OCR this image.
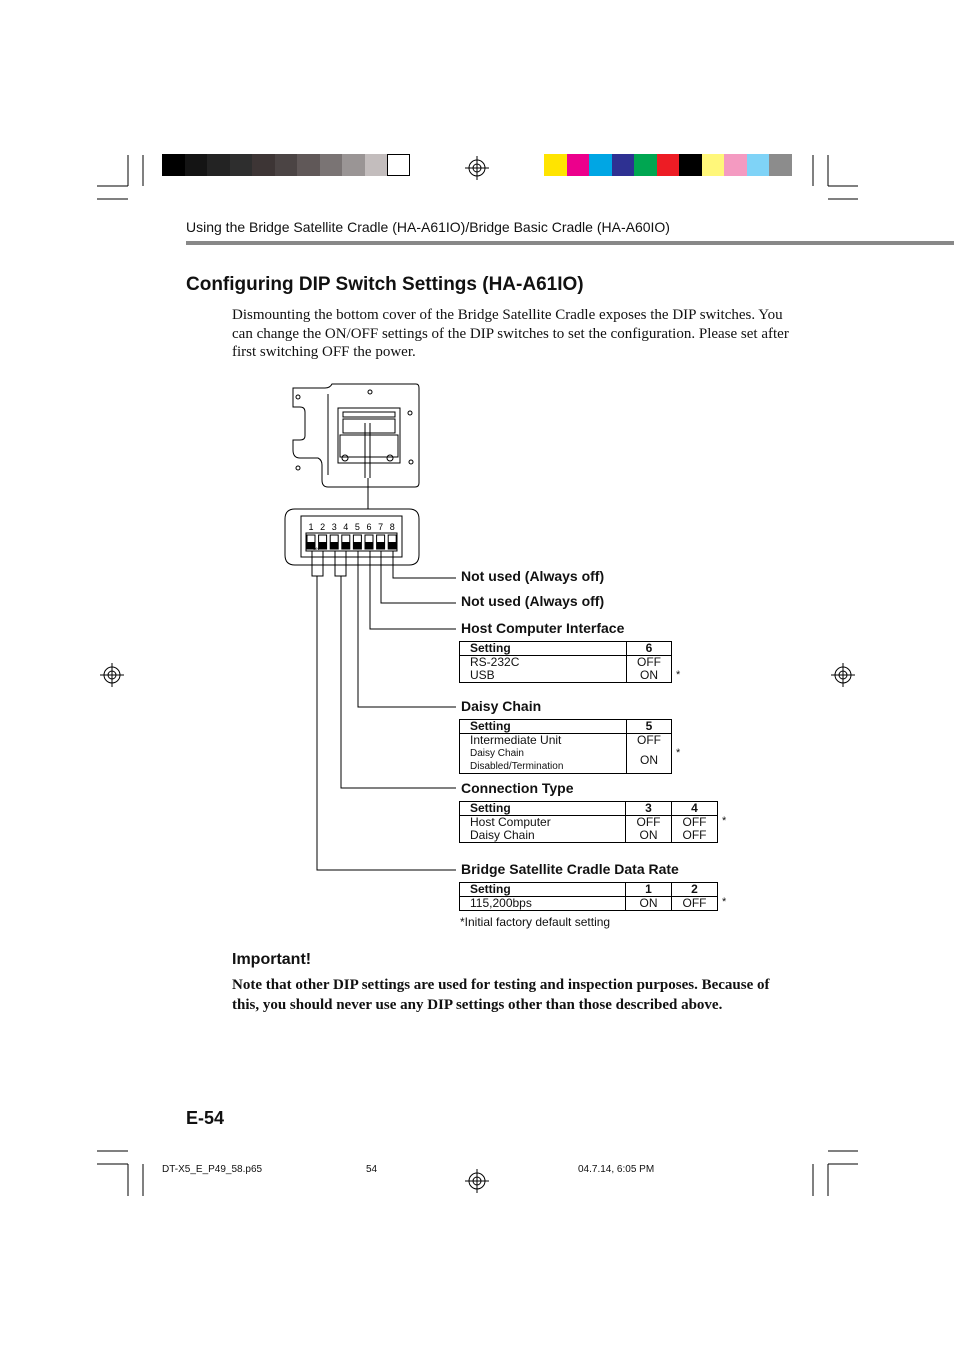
1 2 3 4 5 6 7 8
ON
Using the Bridge Satellite Cradle (HA-A61IO)/Bridge Basic Cradle (HA-A60IO)
Configuring DIP Switch Settings (HA-A61IO)
Dismounting the bottom cover of the Bridge Satellite Cradle exposes the DIP switches. You can change the ON/OFF settings of the DIP switches to set the configuration. Please set after first switching OFF the power.
Not used (Always off)
Not used (Always off)
Host Computer Interface
Setting	6
RS-232C	OFF
USB	ON *
Daisy Chain
Setting	5
Intermediate Unit	OFF
Daisy Chain Disabled/Termination	ON *
Connection Type
Setting	3	4
Host Computer	OFF	OFF
Daisy Chain	ON	OFF
*
Bridge Satellite Cradle Data Rate
Setting	1	2
115,200bps	ON	OFF *
*Initial factory default setting
Important!
Note that other DIP settings are used for testing and inspection purposes. Because of this, you should never use any DIP settings other than those described above.
E-54
DT-X5_E_P49_58.p65	54	04.7.14, 6:05 PM
